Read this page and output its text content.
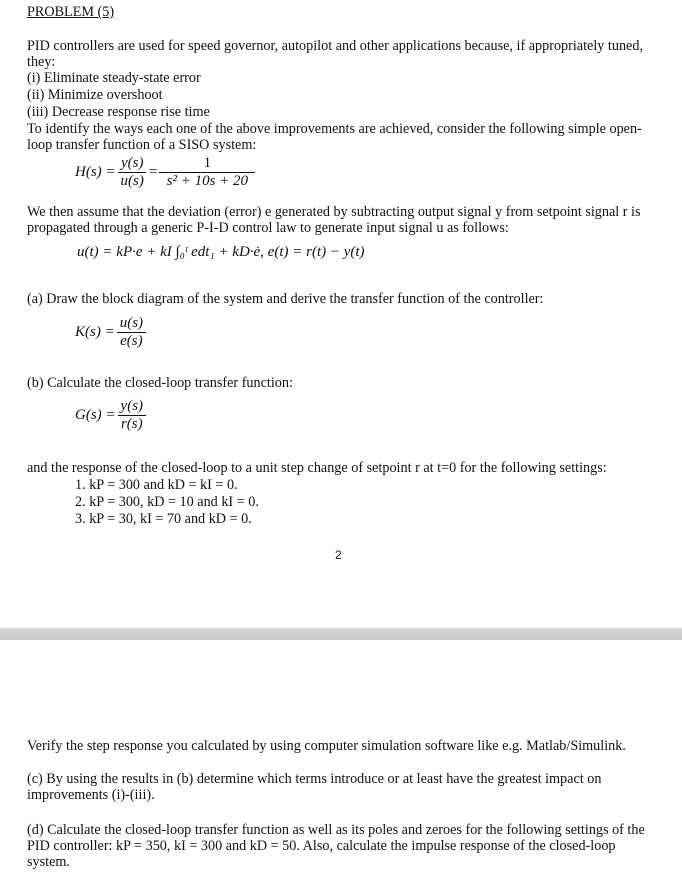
PROBLEM (5)
PID controllers are used for speed governor, autopilot and other applications because, if appropriately tuned, they:
(i) Eliminate steady-state error
(ii) Minimize overshoot
(iii) Decrease response rise time
To identify the ways each one of the above improvements are achieved, consider the following simple open-loop transfer function of a SISO system:
$H(s) = \frac{y(s)}{u(s)} = \frac{1}{\text{s² + 10s + 20}}$
We then assume that the deviation (error) e generated by subtracting output signal y from setpoint signal r is propagated through a generic P-I-D control law to generate input signal u as follows:
u(t) = kP·e + kI ∫₀ᵗ edt₁ + kD·ė, e(t) = r(t) − y(t)
(a) Draw the block diagram of the system and derive the transfer function of the controller:
$K(s) = \frac{u(s)}{e(s)}$
(b) Calculate the closed-loop transfer function:
$G(s) = \frac{y(s)}{r(s)}$
and the response of the closed-loop to a unit step change of setpoint r at t=0 for the following settings:
1. kP = 300 and kD = kI = 0.
2. kP = 300, kD = 10 and kI = 0.
3. kP = 30, kI = 70 and kD = 0.
2
Verify the step response you calculated by using computer simulation software like e.g. Matlab/Simulink.
(c) By using the results in (b) determine which terms introduce or at least have the greatest impact on improvements (i)-(iii).
(d) Calculate the closed-loop transfer function as well as its poles and zeroes for the following settings of the PID controller: kP = 350, kI = 300 and kD = 50. Also, calculate the impulse response of the closed-loop system.
